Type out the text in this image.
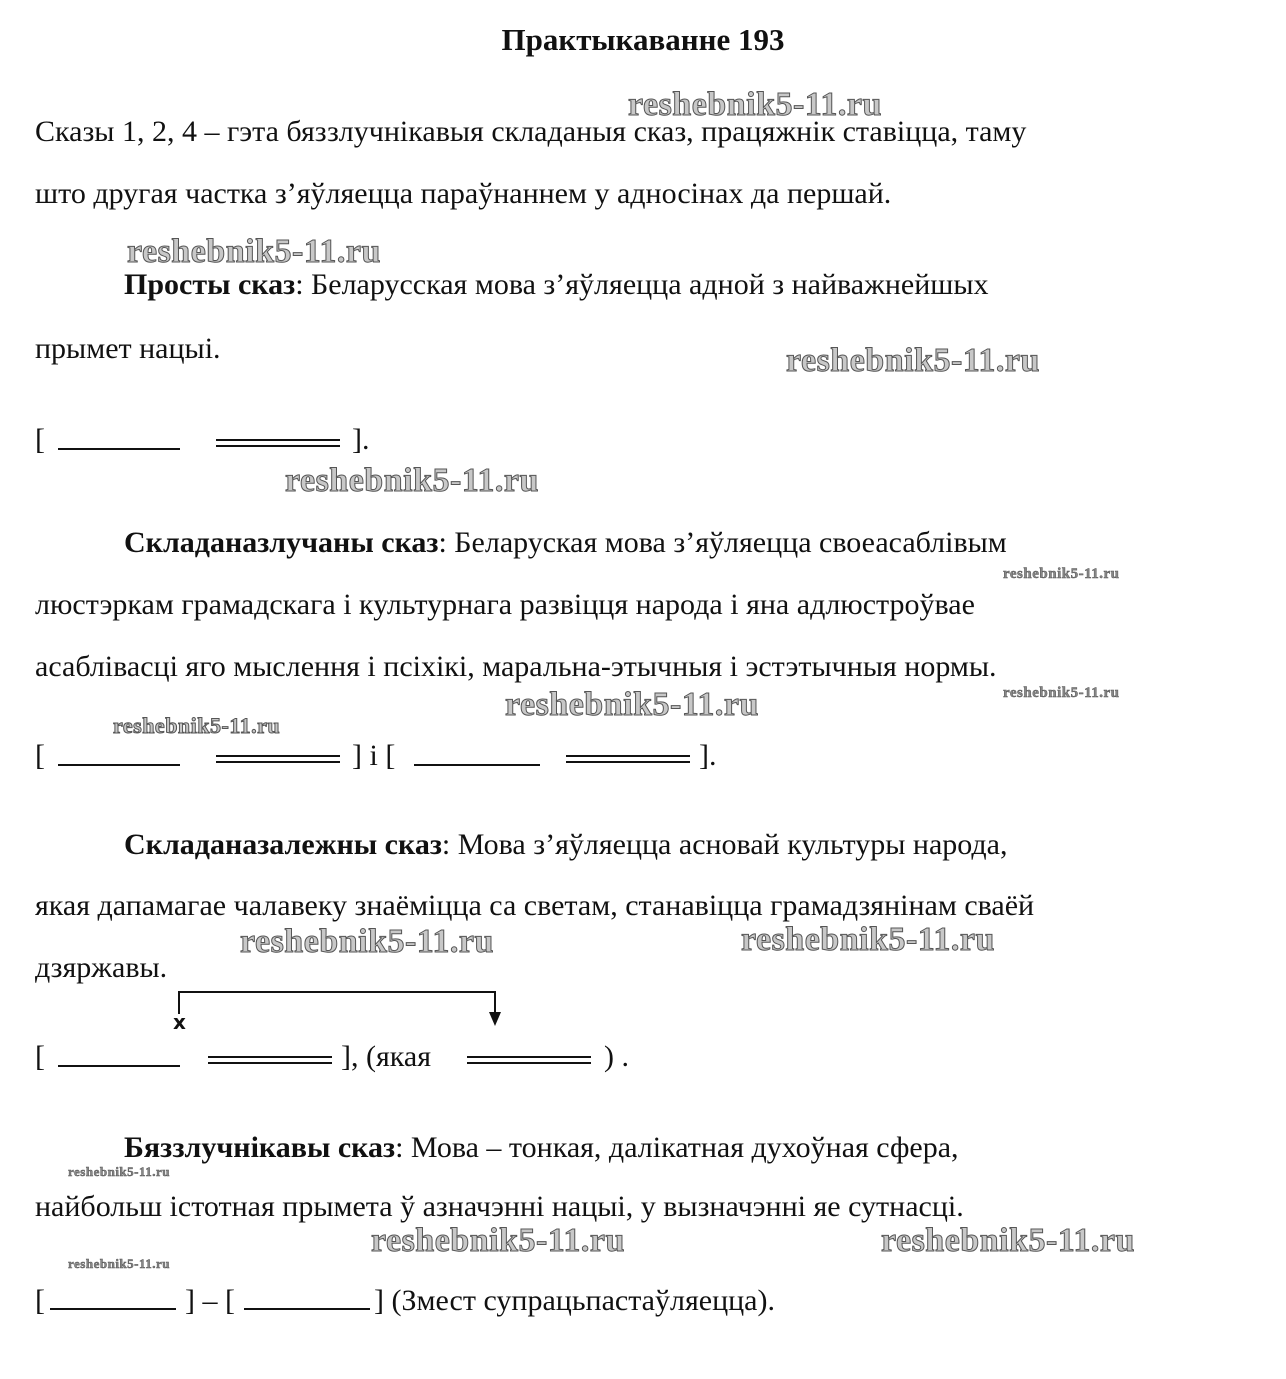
Практыкаванне 193
Сказы 1, 2, 4 – гэта бяззлучнікавыя складаныя сказ, працяжнік ставіцца, таму
што другая частка з’яўляецца параўнаннем у адносінах да першай.
Просты сказ: Беларусская мова з’яўляецца адной з найважнейшых
прымет нацыі.
[	].
Складаназлучаны сказ: Беларуская мова з’яўляецца своеасаблівым
люстэркам грамадскага і культурнага развіцця народа і яна адлюстроўвае
асаблівасці яго мыслення і псіхікі, маральна-этычныя і эстэтычныя нормы.
[	] і [	].
Складаназалежны сказ: Мова з’яўляецца асновай культуры народа,
якая дапамагае чалавеку знаёміцца са светам, станавіцца грамадзянінам сваёй
дзяржавы.
х
[	], (якая	) .
Бяззлучнікавы сказ: Мова – тонкая, далікатная духоўная сфера,
найбольш істотная прымета ў азначэнні нацыі, у вызначэнні яе сутнасці.
[	] – [	] (Змест супрацьпастаўляецца).
reshebnik5-11.ru
reshebnik5-11.ru
reshebnik5-11.ru
reshebnik5-11.ru
reshebnik5-11.ru
reshebnik5-11.ru
reshebnik5-11.ru
reshebnik5-11.ru
reshebnik5-11.ru	reshebnik5-11.ru
reshebnik5-11.ru
reshebnik5-11.ru	reshebnik5-11.ru
reshebnik5-11.ru
